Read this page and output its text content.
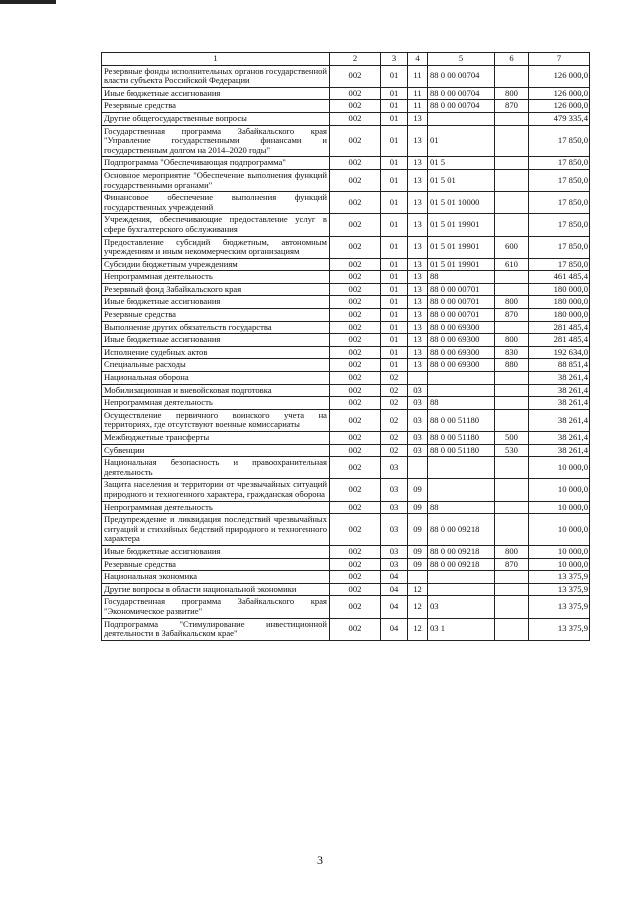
1	2	3	4	5	6	7
Резервные фонды исполнительных органов государственной власти субъекта Российской Федерации	002	01	11	88 0 00 00704		126 000,0
Иные бюджетные ассигнования	002	01	11	88 0 00 00704	800	126 000,0
Резервные средства	002	01	11	88 0 00 00704	870	126 000,0
Другие общегосударственные вопросы	002	01	13			479 335,4
Государственная программа Забайкальского края "Управление государственными финансами и государственным долгом на 2014–2020 годы"	002	01	13	01		17 850,0
Подпрограмма "Обеспечивающая подпрограмма"	002	01	13	01 5		17 850,0
Основное мероприятие "Обеспечение выполнения функций государственными органами"	002	01	13	01 5 01		17 850,0
Финансовое обеспечение выполнения функций государственных учреждений	002	01	13	01 5 01 10000		17 850,0
Учреждения, обеспечивающие предоставление услуг в сфере бухгалтерского обслуживания	002	01	13	01 5 01 19901		17 850,0
Предоставление субсидий бюджетным, автономным учреждениям и иным некоммерческим организациям	002	01	13	01 5 01 19901	600	17 850,0
Субсидии бюджетным учреждениям	002	01	13	01 5 01 19901	610	17 850,0
Непрограммная деятельность	002	01	13	88		461 485,4
Резервный фонд Забайкальского края	002	01	13	88 0 00 00701		180 000,0
Иные бюджетные ассигнования	002	01	13	88 0 00 00701	800	180 000,0
Резервные средства	002	01	13	88 0 00 00701	870	180 000,0
Выполнение других обязательств государства	002	01	13	88 0 00 69300		281 485,4
Иные бюджетные ассигнования	002	01	13	88 0 00 69300	800	281 485,4
Исполнение судебных актов	002	01	13	88 0 00 69300	830	192 634,0
Специальные расходы	002	01	13	88 0 00 69300	880	88 851,4
Национальная оборона	002	02				38 261,4
Мобилизационная и вневойсковая подготовка	002	02	03			38 261,4
Непрограммная деятельность	002	02	03	88		38 261,4
Осуществление первичного воинского учета на территориях, где отсутствуют военные комиссариаты	002	02	03	88 0 00 51180		38 261,4
Межбюджетные трансферты	002	02	03	88 0 00 51180	500	38 261,4
Субвенции	002	02	03	88 0 00 51180	530	38 261,4
Национальная безопасность и правоохранительная деятельность	002	03				10 000,0
Защита населения и территории от чрезвычайных ситуаций природного и техногенного характера, гражданская оборона	002	03	09			10 000,0
Непрограммная деятельность	002	03	09	88		10 000,0
Предупреждение и ликвидация последствий чрезвычайных ситуаций и стихийных бедствий природного и техногенного характера	002	03	09	88 0 00 09218		10 000,0
Иные бюджетные ассигнования	002	03	09	88 0 00 09218	800	10 000,0
Резервные средства	002	03	09	88 0 00 09218	870	10 000,0
Национальная экономика	002	04				13 375,9
Другие вопросы в области национальной экономики	002	04	12			13 375,9
Государственная программа Забайкальского края "Экономическое развитие"	002	04	12	03		13 375,9
Подпрограмма "Стимулирование инвестиционной деятельности в Забайкальском крае"	002	04	12	03 1		13 375,9
3
